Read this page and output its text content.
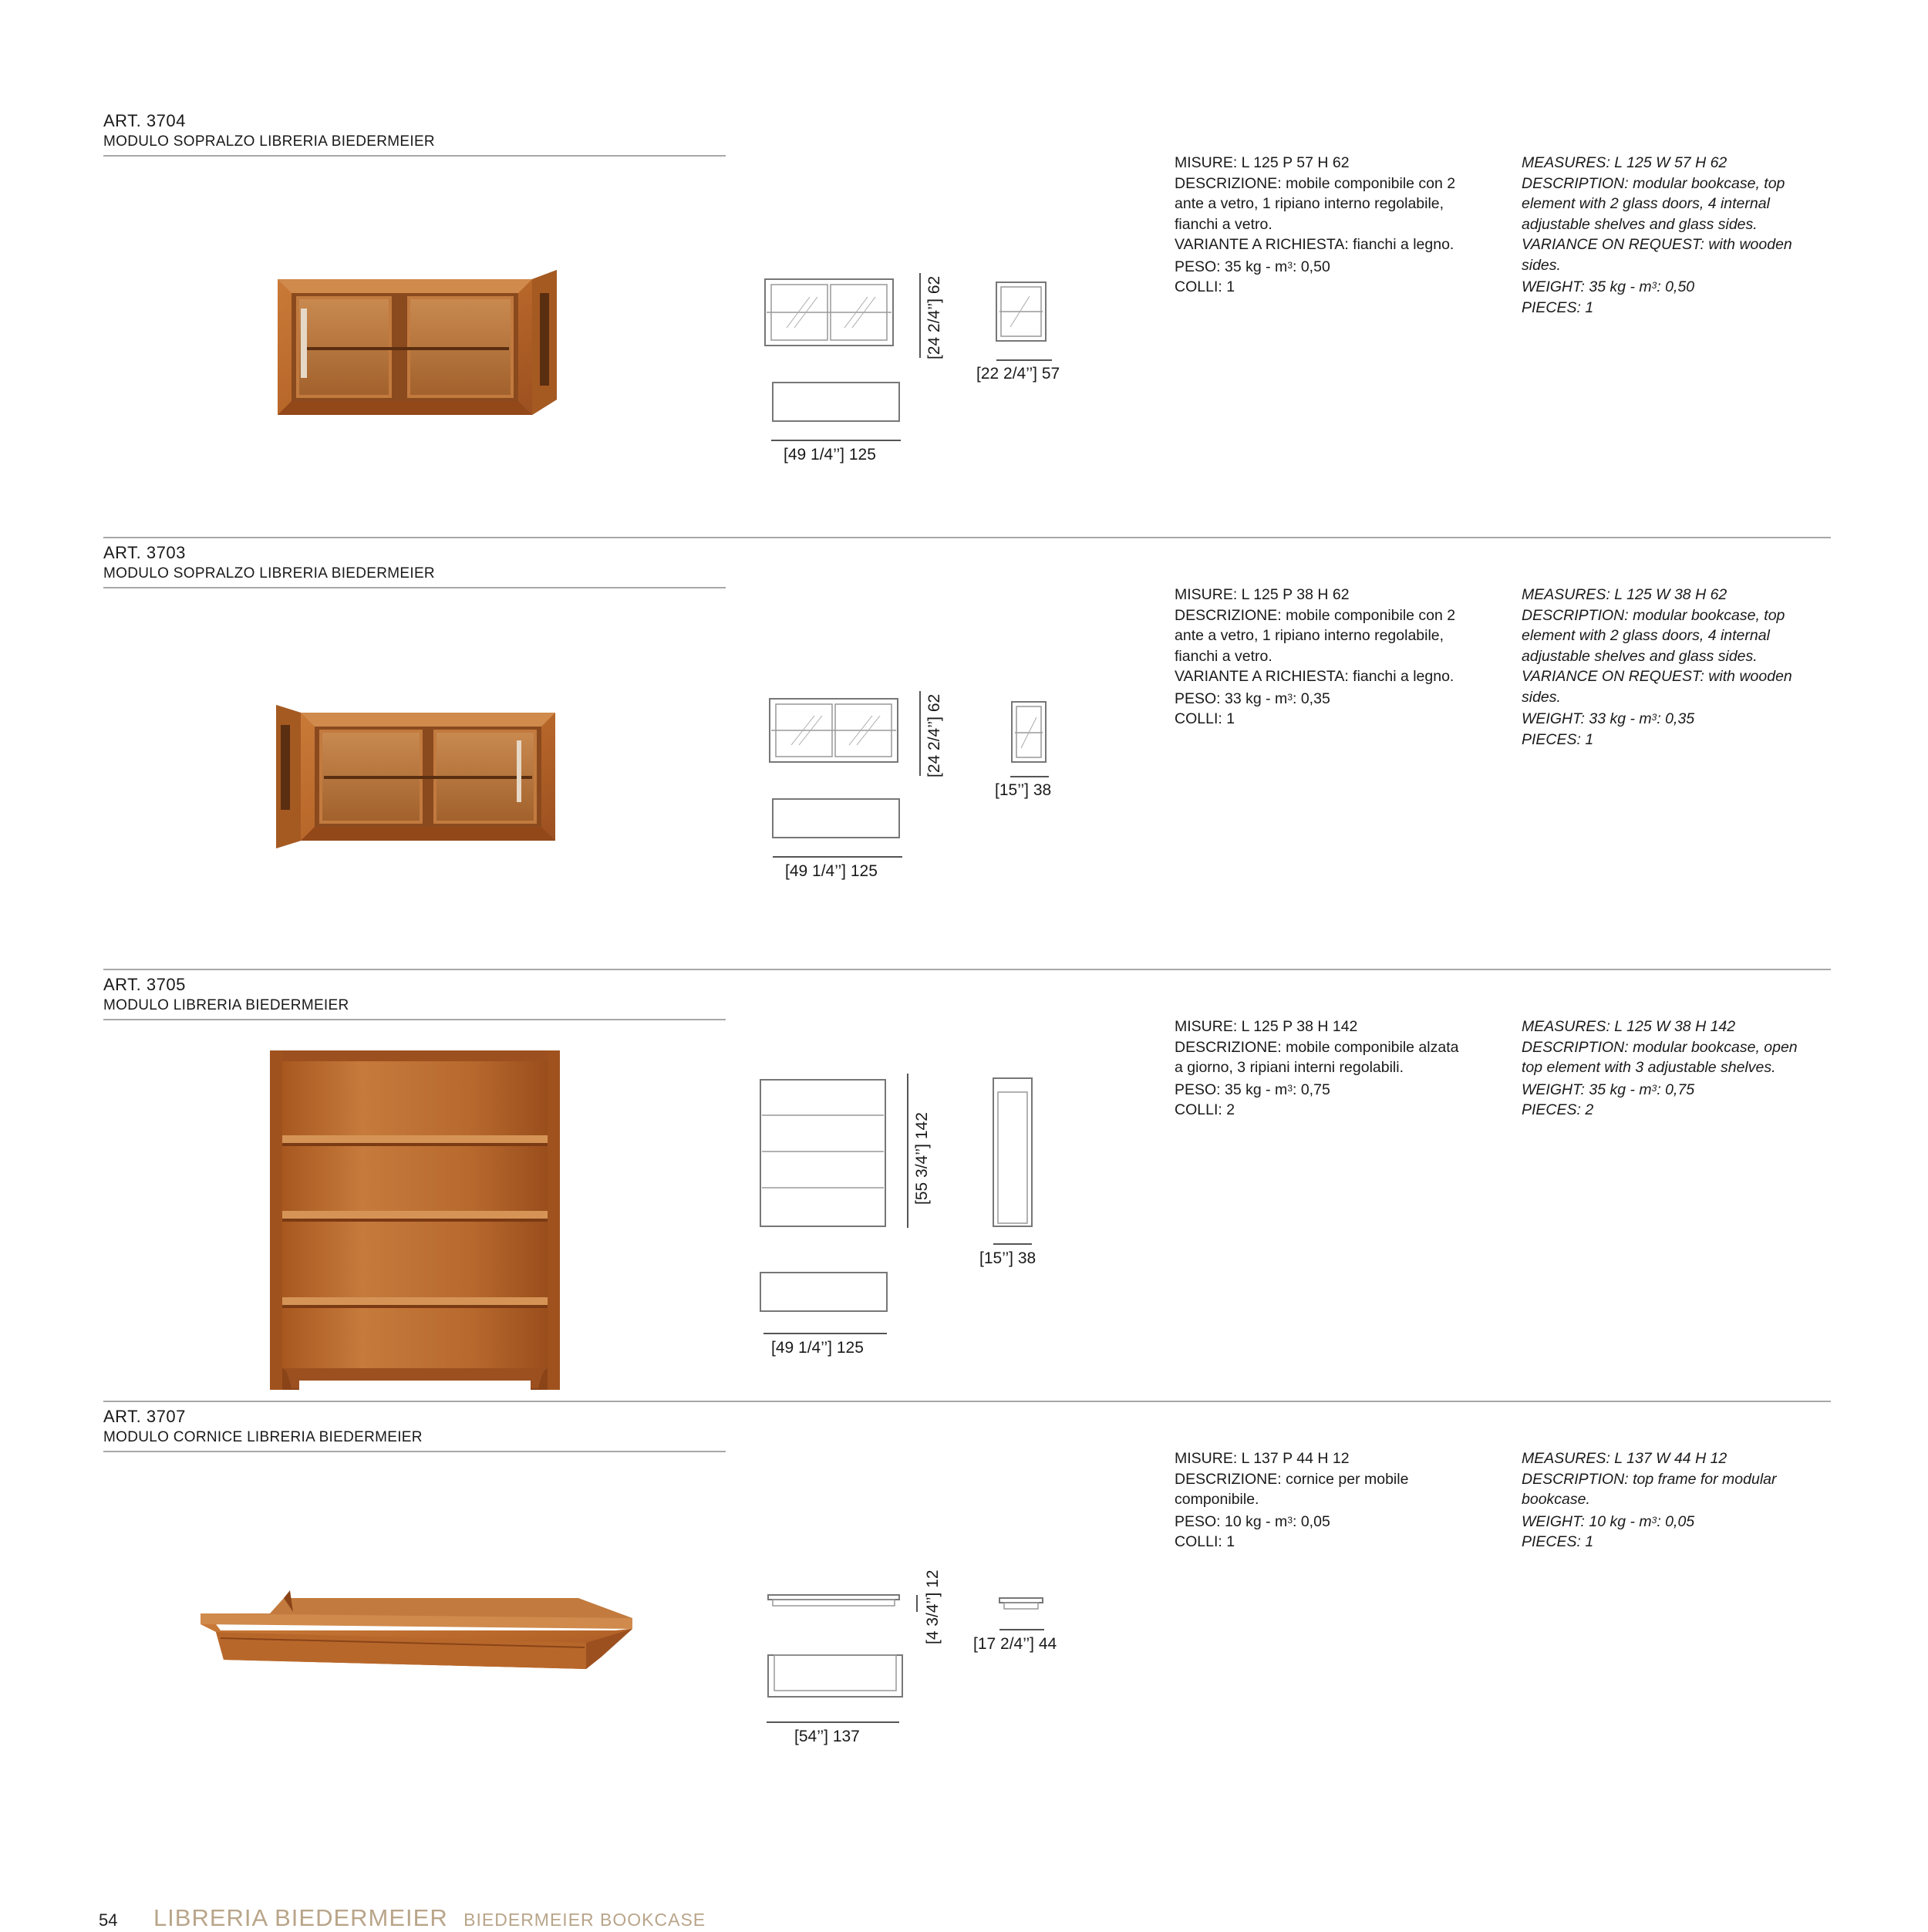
ART. 3704
MODULO SOPRALZO LIBRERIA BIEDERMEIER
[24 2/4’’] 62
[22 2/4’’] 57
[49 1/4’’] 125
MISURE: L 125 P 57 H 62
DESCRIZIONE: mobile componibile con 2
ante a vetro, 1 ripiano interno regolabile,
fianchi a vetro.
VARIANTE A RICHIESTA: fianchi a legno.
PESO: 35 kg - $m^3$: 0,50
COLLI: 1
MEASURES: L 125 W 57 H 62
DESCRIPTION: modular bookcase, top
element with 2 glass doors, 4 internal
adjustable shelves and glass sides.
VARIANCE ON REQUEST: with wooden
sides.
WEIGHT: 35 kg - $m^3$: 0,50
PIECES: 1
ART. 3703
MODULO SOPRALZO LIBRERIA BIEDERMEIER
[24 2/4’’] 62
[15’’] 38
[49 1/4’’] 125
MISURE: L 125 P 38 H 62
DESCRIZIONE: mobile componibile con 2
ante a vetro, 1 ripiano interno regolabile,
fianchi a vetro.
VARIANTE A RICHIESTA: fianchi a legno.
PESO: 33 kg - $m^3$: 0,35
COLLI: 1
MEASURES: L 125 W 38 H 62
DESCRIPTION: modular bookcase, top
element with 2 glass doors, 4 internal
adjustable shelves and glass sides.
VARIANCE ON REQUEST: with wooden
sides.
WEIGHT: 33 kg - $m^3$: 0,35
PIECES: 1
ART. 3705
MODULO LIBRERIA BIEDERMEIER
[55 3/4’’] 142
[15’’] 38
[49 1/4’’] 125
MISURE: L 125 P 38 H 142
DESCRIZIONE: mobile componibile alzata
a giorno, 3 ripiani interni regolabili.
PESO: 35 kg - $m^3$: 0,75
COLLI: 2
MEASURES: L 125 W 38 H 142
DESCRIPTION: modular bookcase, open
top element with 3 adjustable shelves.
WEIGHT: 35 kg - $m^3$: 0,75
PIECES: 2
ART. 3707
MODULO CORNICE LIBRERIA BIEDERMEIER
[4 3/4’’] 12 [17 2/4’’] 44
[54’’] 137
MISURE: L 137 P 44 H 12
DESCRIZIONE: cornice per mobile
componibile.
PESO: 10 kg - $m^3$: 0,05
COLLI: 1
MEASURES: L 137 W 44 H 12
DESCRIPTION: top frame for modular
bookcase.
WEIGHT: 10 kg - $m^3$: 0,05
PIECES: 1
54 LIBRERIA BIEDERMEIER BIEDERMEIER BOOKCASE
